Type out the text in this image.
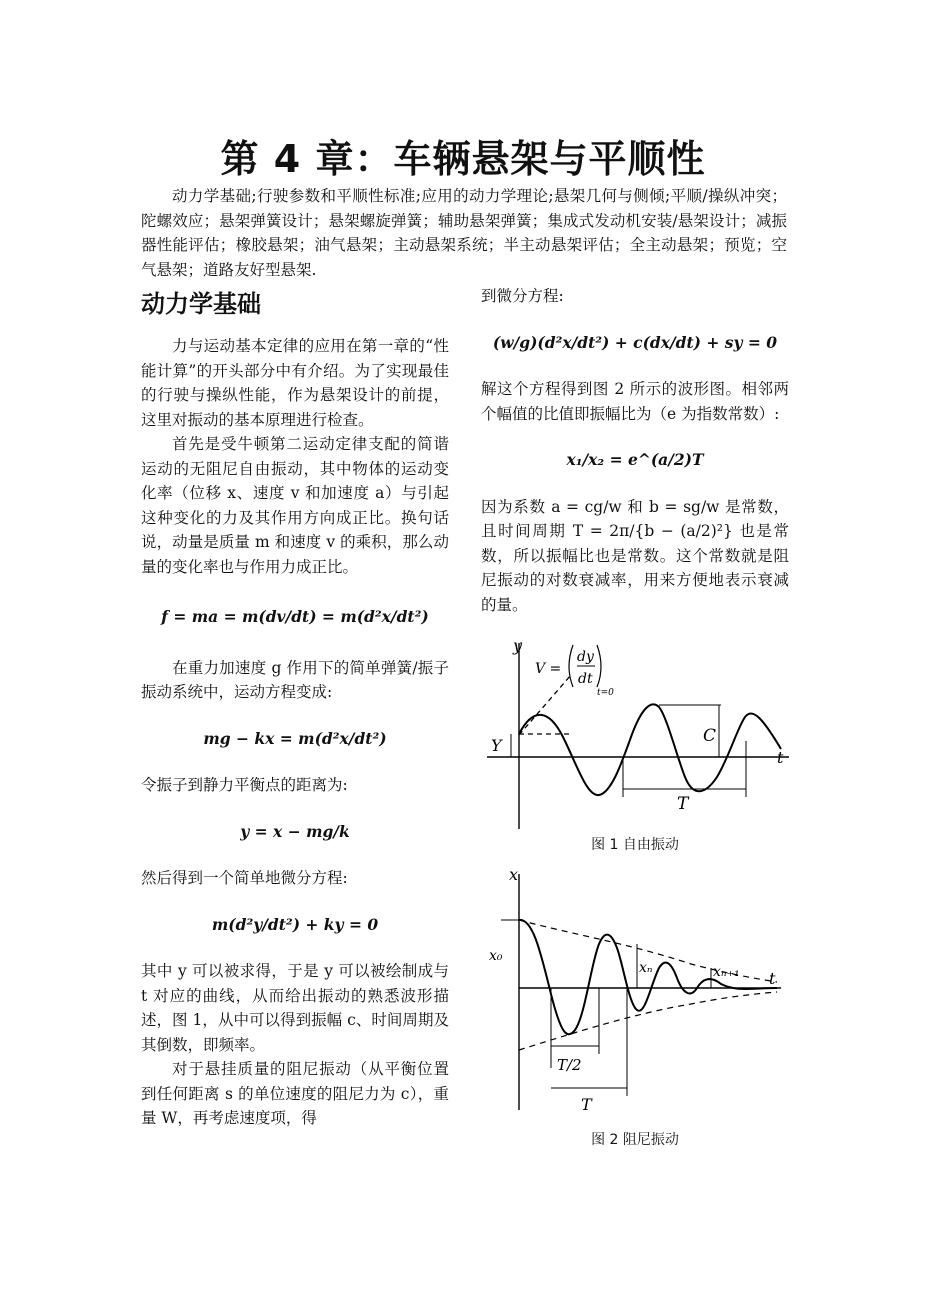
第 4 章：车辆悬架与平顺性

动力学基础;行驶参数和平顺性标准;应用的动力学理论;悬架几何与侧倾;平顺/操纵冲突；陀螺效应；悬架弹簧设计；悬架螺旋弹簧；辅助悬架弹簧；集成式发动机安装/悬架设计；减振器性能评估；橡胶悬架；油气悬架；主动悬架系统；半主动悬架评估；全主动悬架；预览；空气悬架；道路友好型悬架.

动力学基础

力与运动基本定律的应用在第一章的“性能计算”的开头部分中有介绍。为了实现最佳的行驶与操纵性能，作为悬架设计的前提，这里对振动的基本原理进行检查。

首先是受牛顿第二运动定律支配的简谐运动的无阻尼自由振动，其中物体的运动变化率（位移 x、速度 v 和加速度 a）与引起这种变化的力及其作用方向成正比。换句话说，动量是质量 m 和速度 v 的乘积，那么动量的变化率也与作用力成正比。

f = ma = m(dv/dt) = m(d²x/dt²)

在重力加速度 g 作用下的简单弹簧/振子振动系统中，运动方程变成:

mg − kx = m(d²x/dt²)

令振子到静力平衡点的距离为:

y = x − mg/k

然后得到一个简单地微分方程:

m(d²y/dt²) + ky = 0

其中 y 可以被求得，于是 y 可以被绘制成与 t 对应的曲线，从而给出振动的熟悉波形描述，图 1，从中可以得到振幅 c、时间周期及其倒数，即频率。

对于悬挂质量的阻尼振动（从平衡位置到任何距离 s 的单位速度的阻尼力为 c），重量 W，再考虑速度项，得

到微分方程:

(w/g)(d²x/dt²) + c(dx/dt) + sy = 0

解这个方程得到图 2 所示的波形图。相邻两个幅值的比值即振幅比为（e 为指数常数）:

x₁/x₂ = e^(a/2)T

因为系数 a = cg/w 和 b = sg/w 是常数，且时间周期 T = 2π/{b − (a/2)²} 也是常数，所以振幅比也是常数。这个常数就是阻尼振动的对数衰减率，用来方便地表示衰减的量。

y
t
V =
dy
dt
t=0
Y	C
T

图 1 自由振动

x
t
x₀
xₙ	xₙ₊₁
T/2
T

图 2 阻尼振动
